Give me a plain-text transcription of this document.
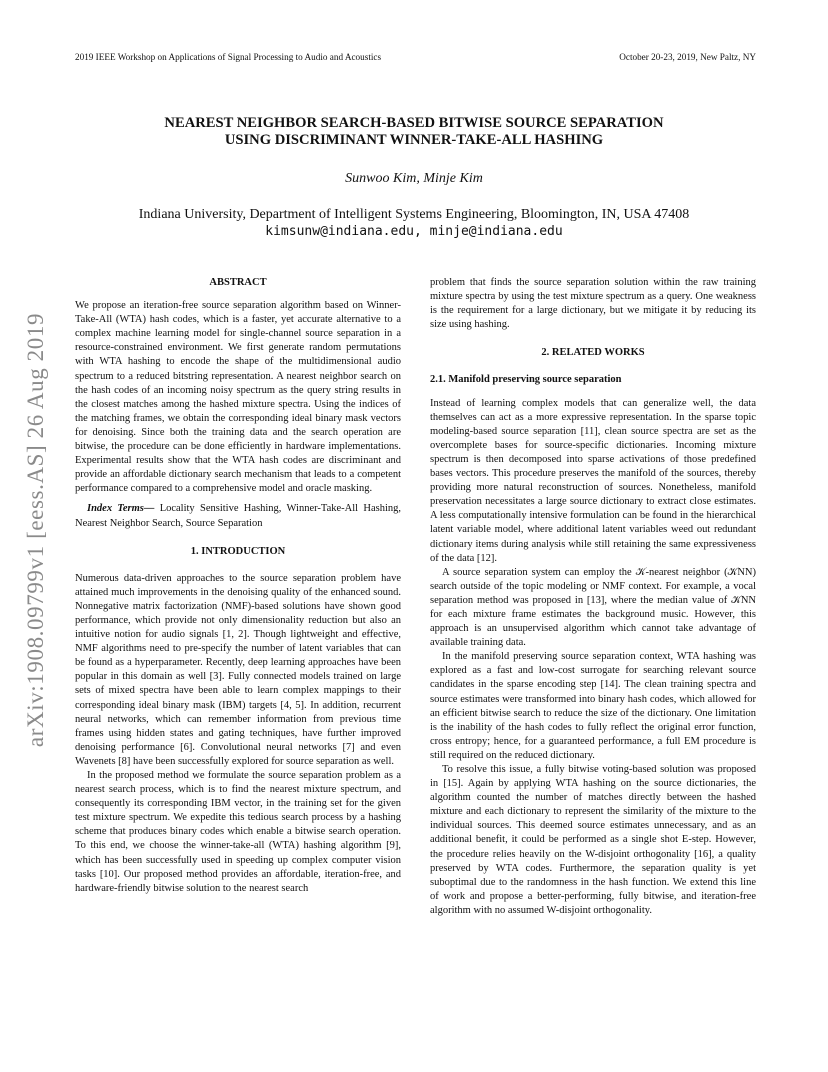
2019 IEEE Workshop on Applications of Signal Processing to Audio and Acoustics	October 20-23, 2019, New Paltz, NY
arXiv:1908.09799v1 [eess.AS] 26 Aug 2019
NEAREST NEIGHBOR SEARCH-BASED BITWISE SOURCE SEPARATION
USING DISCRIMINANT WINNER-TAKE-ALL HASHING
Sunwoo Kim, Minje Kim
Indiana University, Department of Intelligent Systems Engineering, Bloomington, IN, USA 47408
kimsunw@indiana.edu, minje@indiana.edu
ABSTRACT

We propose an iteration-free source separation algorithm based on Winner-Take-All (WTA) hash codes, which is a faster, yet accurate alternative to a complex machine learning model for single-channel source separation in a resource-constrained environment. We first generate random permutations with WTA hashing to encode the shape of the multidimensional audio spectrum to a reduced bitstring representation. A nearest neighbor search on the hash codes of an incoming noisy spectrum as the query string results in the closest matches among the hashed mixture spectra. Using the indices of the matching frames, we obtain the corresponding ideal binary mask vectors for denoising. Since both the training data and the search operation are bitwise, the procedure can be done efficiently in hardware implementations. Experimental results show that the WTA hash codes are discriminant and provide an affordable dictionary search mechanism that leads to a competent performance compared to a comprehensive model and oracle masking.

Index Terms— Locality Sensitive Hashing, Winner-Take-All Hashing, Nearest Neighbor Search, Source Separation

1. INTRODUCTION

Numerous data-driven approaches to the source separation problem have attained much improvements in the denoising quality of the enhanced sound. Nonnegative matrix factorization (NMF)-based solutions have shown good performance, which provide not only dimensionality reduction but also an intuitive notion for audio signals [1, 2]. Though lightweight and effective, NMF algorithms need to pre-specify the number of latent variables that can be found as a hyperparameter. Recently, deep learning approaches have been popular in this domain as well [3]. Fully connected models trained on large sets of mixed spectra have been able to learn complex mappings to their corresponding ideal binary mask (IBM) targets [4, 5]. In addition, recurrent neural networks, which can remember information from previous time frames using hidden states and gating techniques, have further improved denoising performance [6]. Convolutional neural networks [7] and even Wavenets [8] have been successfully explored for source separation as well.

In the proposed method we formulate the source separation problem as a nearest search process, which is to find the nearest mixture spectrum, and consequently its corresponding IBM vector, in the training set for the given test mixture spectrum. We expedite this tedious search process by a hashing scheme that produces binary codes which enable a bitwise search operation. To this end, we choose the winner-take-all (WTA) hashing algorithm [9], which has been successfully used in speeding up complex computer vision tasks [10]. Our proposed method provides an affordable, iteration-free, and hardware-friendly bitwise solution to the nearest search

problem that finds the source separation solution within the raw training mixture spectra by using the test mixture spectrum as a query. One weakness is the requirement for a large dictionary, but we mitigate it by reducing its size using hashing.

2. RELATED WORKS
2.1. Manifold preserving source separation

Instead of learning complex models that can generalize well, the data themselves can act as a more expressive representation. In the sparse topic modeling-based source separation [11], clean source spectra are set as the overcomplete bases for source-specific dictionaries. Incoming mixture spectrum is then decomposed into sparse activations of those predefined bases vectors. This procedure preserves the manifold of the sources, thereby providing more natural reconstruction of sources. Nonetheless, manifold preservation necessitates a large source dictionary to extract close estimates. A less computationally intensive formulation can be found in the hierarchical latent variable model, where additional latent variables weed out redundant dictionary items during analysis while still retaining the same expressiveness of the data [12].

A source separation system can employ the 𝒦-nearest neighbor (𝒦NN) search outside of the topic modeling or NMF context. For example, a vocal separation method was proposed in [13], where the median value of 𝒦NN for each mixture frame estimates the background music. However, this approach is an unsupervised algorithm which cannot take advantage of available training data.

In the manifold preserving source separation context, WTA hashing was explored as a fast and low-cost surrogate for searching relevant source candidates in the sparse encoding step [14]. The clean training spectra and source estimates were transformed into binary hash codes, which allowed for an efficient bitwise search to reduce the size of the dictionary. One limitation is the inability of the hash codes to fully reflect the original error function, cross entropy; hence, for a guaranteed performance, a full EM procedure is still required on the reduced dictionary.

To resolve this issue, a fully bitwise voting-based solution was proposed in [15]. Again by applying WTA hashing on the source dictionaries, the algorithm counted the number of matches directly between the hashed mixture and each dictionary to represent the similarity of the mixture to the individual sources. This deemed source estimates unnecessary, and as an additional benefit, it could be performed as a single shot E-step. However, the procedure relies heavily on the W-disjoint orthogonality [16], a quality preserved by WTA codes. Furthermore, the separation quality is yet suboptimal due to the randomness in the hash function. We extend this line of work and propose a better-performing, fully bitwise, and iteration-free algorithm with no assumed W-disjoint orthogonality.
